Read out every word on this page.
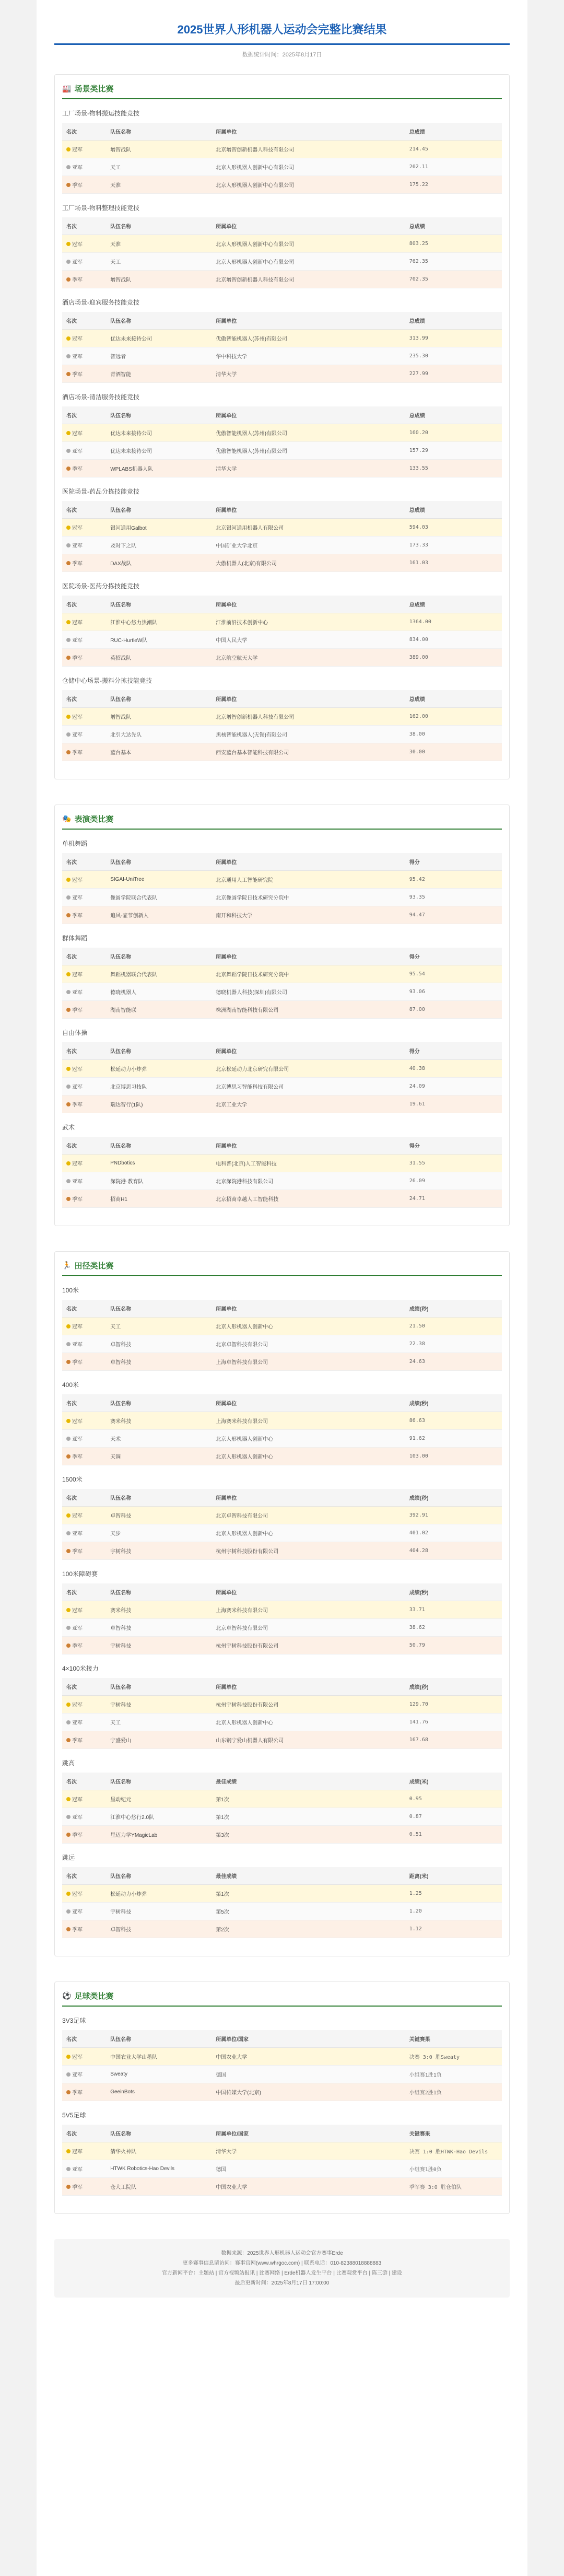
2025世界人形机器人运动会完整比赛结果
数据统计时间：2025年8月17日
🏭 场景类比赛
工厂场景-物料搬运技能竞技
名次	队伍名称	所属单位	总成绩

冠军	增智战队	北京增智创新机器人科技有限公司	214.45

亚军	天工	北京人形机器人创新中心有限公司	202.11

季军	天准	北京人形机器人创新中心有限公司	175.22
工厂场景-物料整理技能竞技
名次	队伍名称	所属单位	总成绩

冠军	天准	北京人形机器人创新中心有限公司	803.25

亚军	天工	北京人形机器人创新中心有限公司	762.35

季军	增智战队	北京增智创新机器人科技有限公司	702.35
酒店场景-迎宾服务技能竞技
名次	队伍名称	所属单位	总成绩

冠军	优达未来接待公司	优傲智能机器人(苏州)有限公司	313.99

亚军	智远者	华中科技大学	235.30

季军	青酒智能	清华大学	227.99
酒店场景-清洁服务技能竞技
名次	队伍名称	所属单位	总成绩

冠军	优达未来接待公司	优傲智能机器人(苏州)有限公司	160.20

亚军	优达未来接待公司	优傲智能机器人(苏州)有限公司	157.29

季军	WPLABS机器人队	清华大学	133.55
医院场景-药品分拣技能竞技
名次	队伍名称	所属单位	总成绩

冠军	银河通用Galbot	北京银河通用机器人有限公司	594.03

亚军	及时下之队	中国矿业大学北京	173.33

季军	DAX战队	大傲机器人(北京)有限公司	161.03
医院场景-医药分拣技能竞技
名次	队伍名称	所属单位	总成绩

冠军	江淮中心悠力热潮队	江淮前沿技术创新中心	1364.00

亚军	RUC-HurtleW队	中国人民大学	834.00

季军	英招战队	北京航空航天大学	389.00
仓储中心场景-搬料分拣技能竞技
名次	队伍名称	所属单位	总成绩

冠军	增智战队	北京增智创新机器人科技有限公司	162.00

亚军	北引大达先队	黑核智能机器人(无锡)有限公司	38.00

季军	蓝台基本	西安蓝台基本智能科技有限公司	30.00
🎭 表演类比赛
单机舞蹈
名次	队伍名称	所属单位	得分

冠军	SIGAI-UniTree	北京通用人工智能研究院	95.42

亚军	像圆学院联合代表队	北京像圆学院日技术研究分院中	93.35

季军	追风-壶节创新人	南开和科技大学	94.47
群体舞蹈
名次	队伍名称	所属单位	得分

冠军	舞蹈机器联合代表队	北京舞蹈学院日技术研究分院中	95.54

亚军	德晓机器人	德晓机器人科技(深圳)有限公司	93.06

季军	湖南智能联	株洲湖南智能科技有限公司	87.00
自由体操
名次	队伍名称	所属单位	得分

冠军	松延动力小炸弹	北京松延动力北京研究有限公司	40.38

亚军	北京博思习技队	北京博思习智能科技有限公司	24.09

季军	瑞达智行(1队)	北京工业大学	19.61
武术
名次	队伍名称	所属单位	得分

冠军	PNDbotics	电科普(北京)人工智能科技	31.55

亚军	深院港·教育队	北京深院港科技有限公司	26.09

季军	招商H1	北京招商卓越人工智能科技	24.71
🏃 田径类比赛
100米
名次	队伍名称	所属单位	成绩(秒)

冠军	天工	北京人形机器人创新中心	21.50

亚军	卓智科技	北京卓智科技有限公司	22.38

季军	卓智科技	上海卓智科技有限公司	24.63
400米
名次	队伍名称	所属单位	成绩(秒)

冠军	赛米科技	上海赛米科技有限公司	86.63

亚军	天术	北京人形机器人创新中心	91.62

季军	天调	北京人形机器人创新中心	103.00
1500米
名次	队伍名称	所属单位	成绩(秒)

冠军	卓智科技	北京卓智科技有限公司	392.91

亚军	天步	北京人形机器人创新中心	401.02

季军	宇树科技	杭州宇树科技股份有限公司	404.28
100米障碍赛
名次	队伍名称	所属单位	成绩(秒)

冠军	赛米科技	上海赛米科技有限公司	33.71

亚军	卓智科技	北京卓智科技有限公司	38.62

季军	宇树科技	杭州宇树科技股份有限公司	50.79
4×100米接力
名次	队伍名称	所属单位	成绩(秒)

冠军	宇树科技	杭州宇树科技股份有限公司	129.70

亚军	天工	北京人形机器人创新中心	141.76

季军	宁盛爱山	山东钢宁爱山机器人有限公司	167.68
跳高
名次	队伍名称	最佳成绩	成绩(米)

冠军	星动纪元	第1次	0.95

亚军	江淮中心悠行2.0队	第1次	0.87

季军	星迈力学YMagicLab	第3次	0.51
跳远
名次	队伍名称	最佳成绩	距离(米)

冠军	松延动力小炸弹	第1次	1.25

亚军	宇树科技	第5次	1.20

季军	卓智科技	第2次	1.12
⚽ 足球类比赛
3V3足球
名次	队伍名称	所属单位/国家	关键赛果

冠军	中国农业大学山墨队	中国农业大学	决赛 3:0 胜Sweaty

亚军	Sweaty	德国	小组赛1胜1负

季军	GeeinBots	中国传媒大学(北京)	小组赛2胜1负
5V5足球
名次	队伍名称	所属单位/国家	关键赛果

冠军	清华火神队	清华大学	决赛 1:0 胜HTWK-Hao Devils

亚军	HTWK Robotics-Hao Devils	德国	小组赛1胜0负

季军	仓大工院队	中国农业大学	季军赛 3:0 胜仓伯队
数据来源：2025世界人形机器人运动会官方赛事Erde
更多赛事信息请访问：赛事官网(www.whrgoc.com) | 联系电话：010-82388018888883
官方新闻平台：主题站 | 官方视频站报讯 | 比赛网络 | Erde机器人发生平台 | 比赛观赏平台 | 陈三游 | 建设
最后更新时间：2025年8月17日 17:00:00
